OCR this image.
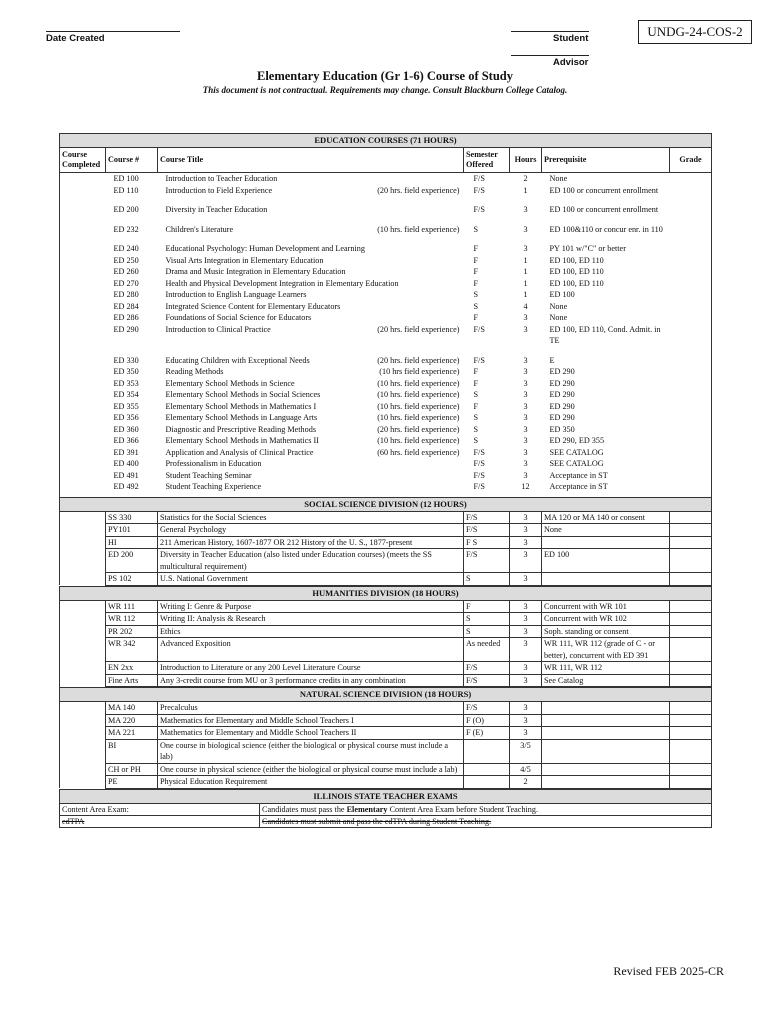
Date Created	Student
Advisor
UNDG-24-COS-2
Elementary Education (Gr 1-6) Course of Study
This document is not contractual. Requirements may change. Consult Blackburn College Catalog.
EDUCATION COURSES (71 HOURS)						
Course Completed	Course #	Course Title	Semester Offered	Hours	Prerequisite	Grade
	ED 100	Introduction to Teacher Education	F/S	2	None	
	ED 110	Introduction to Field Experience (20 hrs. field experience)	F/S	1	ED 100 or concurrent enrollment	
	ED 200	Diversity in Teacher Education	F/S	3	ED 100 or concurrent enrollment	
	ED 232	Children's Literature (10 hrs. field experience)	S	3	ED 100&110 or concur enr. in 110	
	ED 240	Educational Psychology: Human Development and Learning	F	3	PY 101 w/"C" or better	
	ED 250	Visual Arts Integration in Elementary Education	F	1	ED 100, ED 110	
	ED 260	Drama and Music Integration in Elementary Education	F	1	ED 100, ED 110	
	ED 270	Health and Physical Development Integration in Elementary Education	F	1	ED 100, ED 110	
	ED 280	Introduction to English Language Learners	S	1	ED 100	
	ED 284	Integrated Science Content for Elementary Educators	S	4	None	
	ED 286	Foundations of Social Science for Educators	F	3	None	
	ED 290	Introduction to Clinical Practice (20 hrs. field experience)	F/S	3	ED 100, ED 110, Cond. Admit. in TE	
	ED 330	Educating Children with Exceptional Needs (20 hrs. field experience)	F/S	3	E	
	ED 350	Reading Methods (10 hrs field experience)	F	3	ED 290	
	ED 353	Elementary School Methods in Science (10 hrs. field experience)	F	3	ED 290	
	ED 354	Elementary School Methods in Social Sciences (10 hrs. field experience)	S	3	ED 290	
	ED 355	Elementary School Methods in Mathematics I (10 hrs. field experience)	F	3	ED 290	
	ED 356	Elementary School Methods in Language Arts (10 hrs. field experience)	S	3	ED 290	
	ED 360	Diagnostic and Prescriptive Reading Methods (20 hrs. field experience)	S	3	ED 350	
	ED 366	Elementary School Methods in Mathematics II (10 hrs. field experience)	S	3	ED 290, ED 355	
	ED 391	Application and Analysis of Clinical Practice (60 hrs. field experience)	F/S	3	SEE CATALOG	
	ED 400	Professionalism in Education	F/S	3	SEE CATALOG	
	ED 491	Student Teaching Seminar	F/S	3	Acceptance in ST	
	ED 492	Student Teaching Experience	F/S	12	Acceptance in ST	

SOCIAL SCIENCE DIVISION (12 HOURS)						
	SS 330	Statistics for the Social Sciences	F/S	3	MA 120 or MA 140 or consent	
	PY101	General Psychology	F/S	3	None	
	HI	211 American History, 1607-1877 OR 212 History of the U. S., 1877-present	F S	3		
	ED 200	Diversity in Teacher Education (also listed under Education courses) (meets the SS multicultural requirement)	F/S	3	ED 100	
	PS 102	U.S. National Government	S	3		
HUMANITIES DIVISION (18 HOURS)						
	WR 111	Writing I: Genre & Purpose	F	3	Concurrent with WR 101	
	WR 112	Writing II: Analysis & Research	S	3	Concurrent with WR 102	
	PR 202	Ethics	S	3	Soph. standing or consent	
	WR 342	Advanced Exposition	As needed	3	WR 111, WR 112 (grade of C - or better), concurrent with ED 391	
	EN 2xx	Introduction to Literature or any 200 Level Literature Course	F/S	3	WR 111, WR 112	
	Fine Arts	Any 3-credit course from MU or 3 performance credits in any combination	F/S	3	See Catalog	
NATURAL SCIENCE DIVISION (18 HOURS)						
	MA 140	Precalculus	F/S	3		
	MA 220	Mathematics for Elementary and Middle School Teachers I	F (O)	3		
	MA 221	Mathematics for Elementary and Middle School Teachers II	F (E)	3		
	BI	One course in biological science (either the biological or physical course must include a lab)		3/5		
	CH or PH	One course in physical science (either the biological or physical course must include a lab)		4/5		
	PE	Physical Education Requirement		2		
ILLINOIS STATE TEACHER EXAMS	
Content Area Exam:	Candidates must pass the Elementary Content Area Exam before Student Teaching.
edTPA	Candidates must submit and pass the edTPA during Student Teaching.
Revised FEB 2025-CR
